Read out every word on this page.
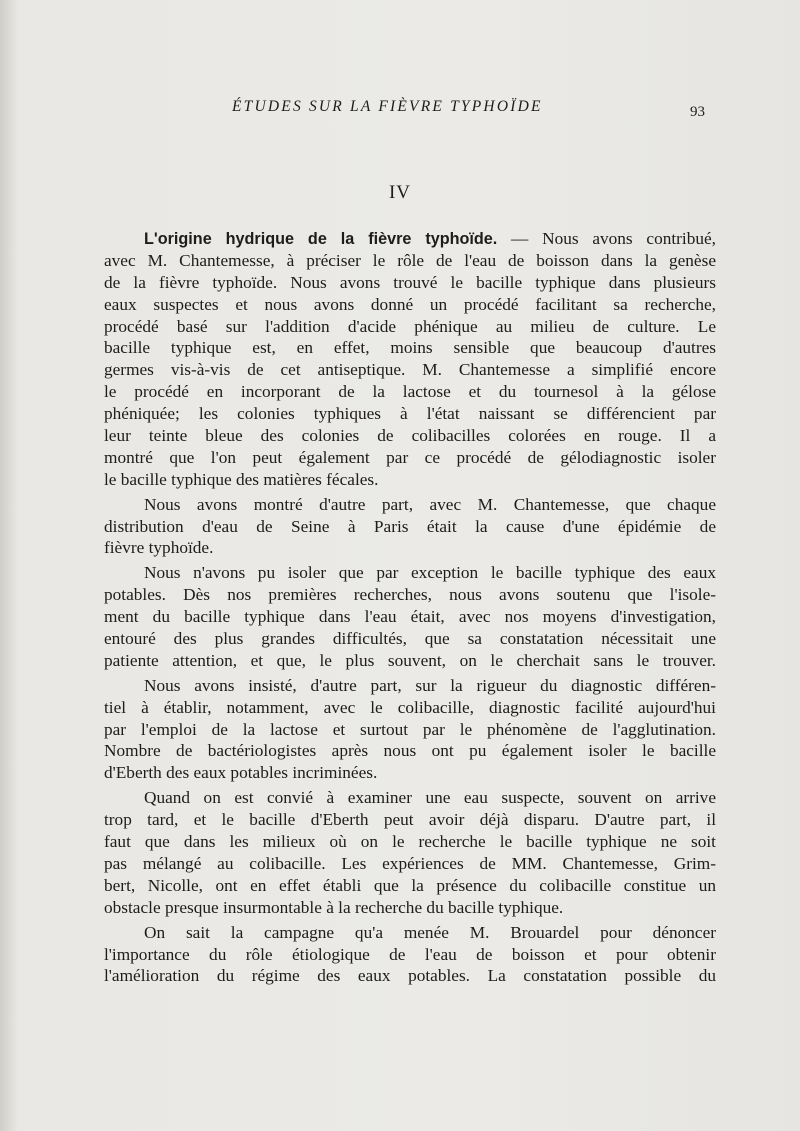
ÉTUDES SUR LA FIÈVRE TYPHOÏDE	93
IV
L'origine hydrique de la fièvre typhoïde. — Nous avons contribué,
avec M. Chantemesse, à préciser le rôle de l'eau de boisson dans la genèse
de la fièvre typhoïde. Nous avons trouvé le bacille typhique dans plusieurs
eaux suspectes et nous avons donné un procédé facilitant sa recherche,
procédé basé sur l'addition d'acide phénique au milieu de culture. Le
bacille typhique est, en effet, moins sensible que beaucoup d'autres
germes vis-à-vis de cet antiseptique. M. Chantemesse a simplifié encore
le procédé en incorporant de la lactose et du tournesol à la gélose
phéniquée; les colonies typhiques à l'état naissant se différencient par
leur teinte bleue des colonies de colibacilles colorées en rouge. Il a
montré que l'on peut également par ce procédé de gélodiagnostic isoler
le bacille typhique des matières fécales.
Nous avons montré d'autre part, avec M. Chantemesse, que chaque
distribution d'eau de Seine à Paris était la cause d'une épidémie de
fièvre typhoïde.
Nous n'avons pu isoler que par exception le bacille typhique des eaux
potables. Dès nos premières recherches, nous avons soutenu que l'isole-
ment du bacille typhique dans l'eau était, avec nos moyens d'investigation,
entouré des plus grandes difficultés, que sa constatation nécessitait une
patiente attention, et que, le plus souvent, on le cherchait sans le trouver.
Nous avons insisté, d'autre part, sur la rigueur du diagnostic différen-
tiel à établir, notamment, avec le colibacille, diagnostic facilité aujourd'hui
par l'emploi de la lactose et surtout par le phénomène de l'agglutination.
Nombre de bactériologistes après nous ont pu également isoler le bacille
d'Eberth des eaux potables incriminées.
Quand on est convié à examiner une eau suspecte, souvent on arrive
trop tard, et le bacille d'Eberth peut avoir déjà disparu. D'autre part, il
faut que dans les milieux où on le recherche le bacille typhique ne soit
pas mélangé au colibacille. Les expériences de MM. Chantemesse, Grim-
bert, Nicolle, ont en effet établi que la présence du colibacille constitue un
obstacle presque insurmontable à la recherche du bacille typhique.
On sait la campagne qu'a menée M. Brouardel pour dénoncer
l'importance du rôle étiologique de l'eau de boisson et pour obtenir
l'amélioration du régime des eaux potables. La constatation possible du
